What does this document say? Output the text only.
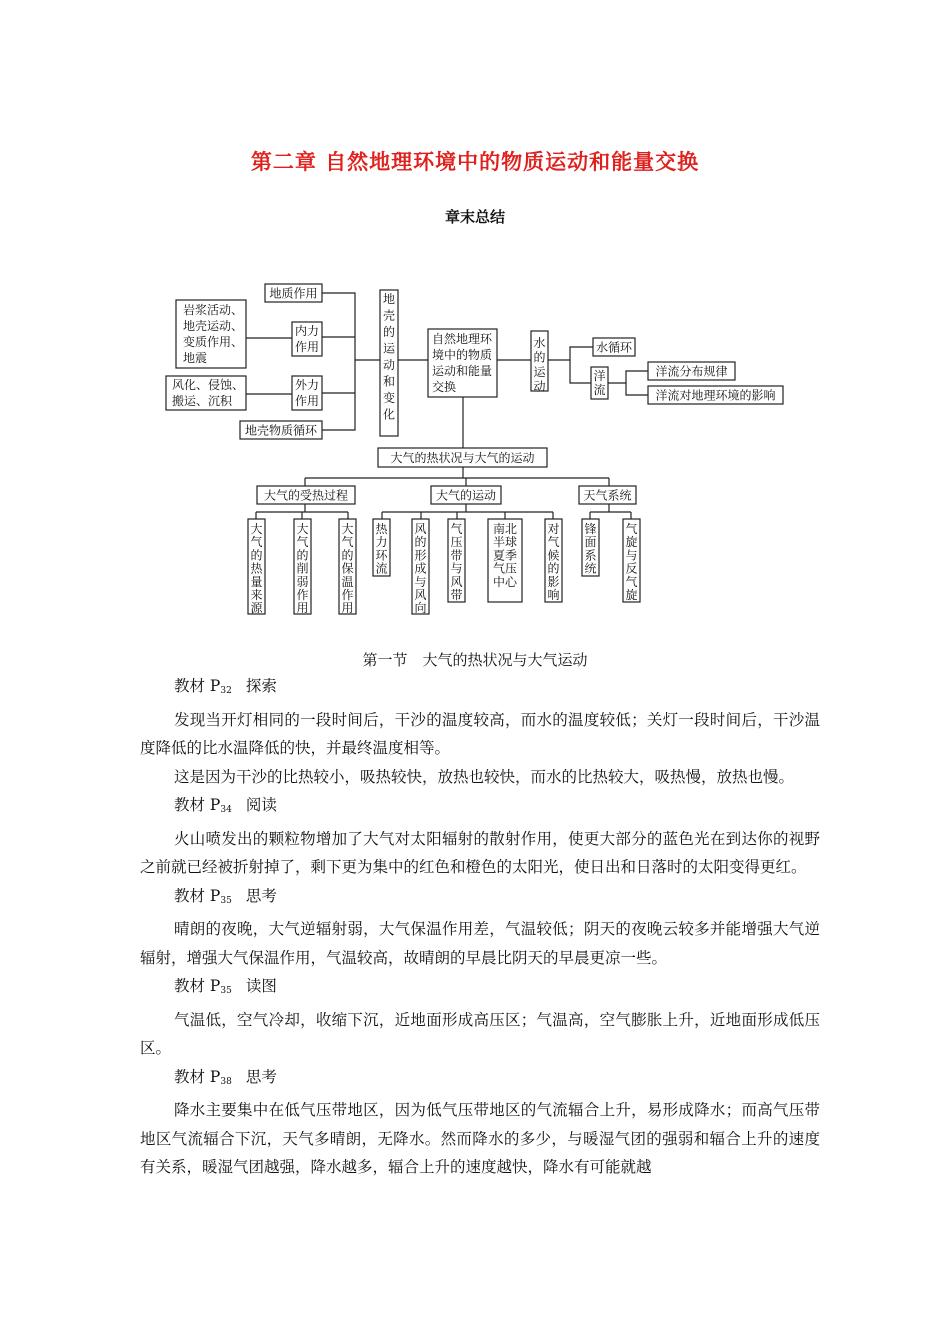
第二章 自然地理环境中的物质运动和能量交换
章末总结
地质作用
岩浆活动、
地壳运动、
变质作用、
地震
内力
作用
风化、侵蚀、
搬运、沉积
外力
作用
地壳物质循环
自然地理环
境中的物质
运动和能量
交换
水循环
洋流分布规律
洋流对地理环境的影响
大气的热状况与大气的运动
大气的受热过程	大气的运动	天气系统
地壳的运动和变化
水的运动
洋流
大气的热量来源
大气的削弱作用
大气的保温作用
热力环流
风的形成与风向
气压带与风带
南北半球夏季气压中心
对气候的影响
锋面系统
气旋与反气旋
第一节　大气的热状况与大气运动
教材 $P_{32}$ 探索

发现当开灯相同的一段时间后，干沙的温度较高，而水的温度较低；关灯一段时间后，干沙温度降低的比水温降低的快，并最终温度相等。

这是因为干沙的比热较小，吸热较快，放热也较快，而水的比热较大，吸热慢，放热也慢。

教材 $P_{34}$ 阅读

火山喷发出的颗粒物增加了大气对太阳辐射的散射作用，使更大部分的蓝色光在到达你的视野之前就已经被折射掉了，剩下更为集中的红色和橙色的太阳光，使日出和日落时的太阳变得更红。

教材 $P_{35}$ 思考

晴朗的夜晚，大气逆辐射弱，大气保温作用差，气温较低；阴天的夜晚云较多并能增强大气逆辐射，增强大气保温作用，气温较高，故晴朗的早晨比阴天的早晨更凉一些。

教材 $P_{35}$ 读图

气温低，空气冷却，收缩下沉，近地面形成高压区；气温高，空气膨胀上升，近地面形成低压区。

教材 $P_{38}$ 思考

降水主要集中在低气压带地区，因为低气压带地区的气流辐合上升，易形成降水；而高气压带地区气流辐合下沉，天气多晴朗，无降水。然而降水的多少，与暖湿气团的强弱和辐合上升的速度有关系，暖湿气团越强，降水越多，辐合上升的速度越快，降水有可能就越
